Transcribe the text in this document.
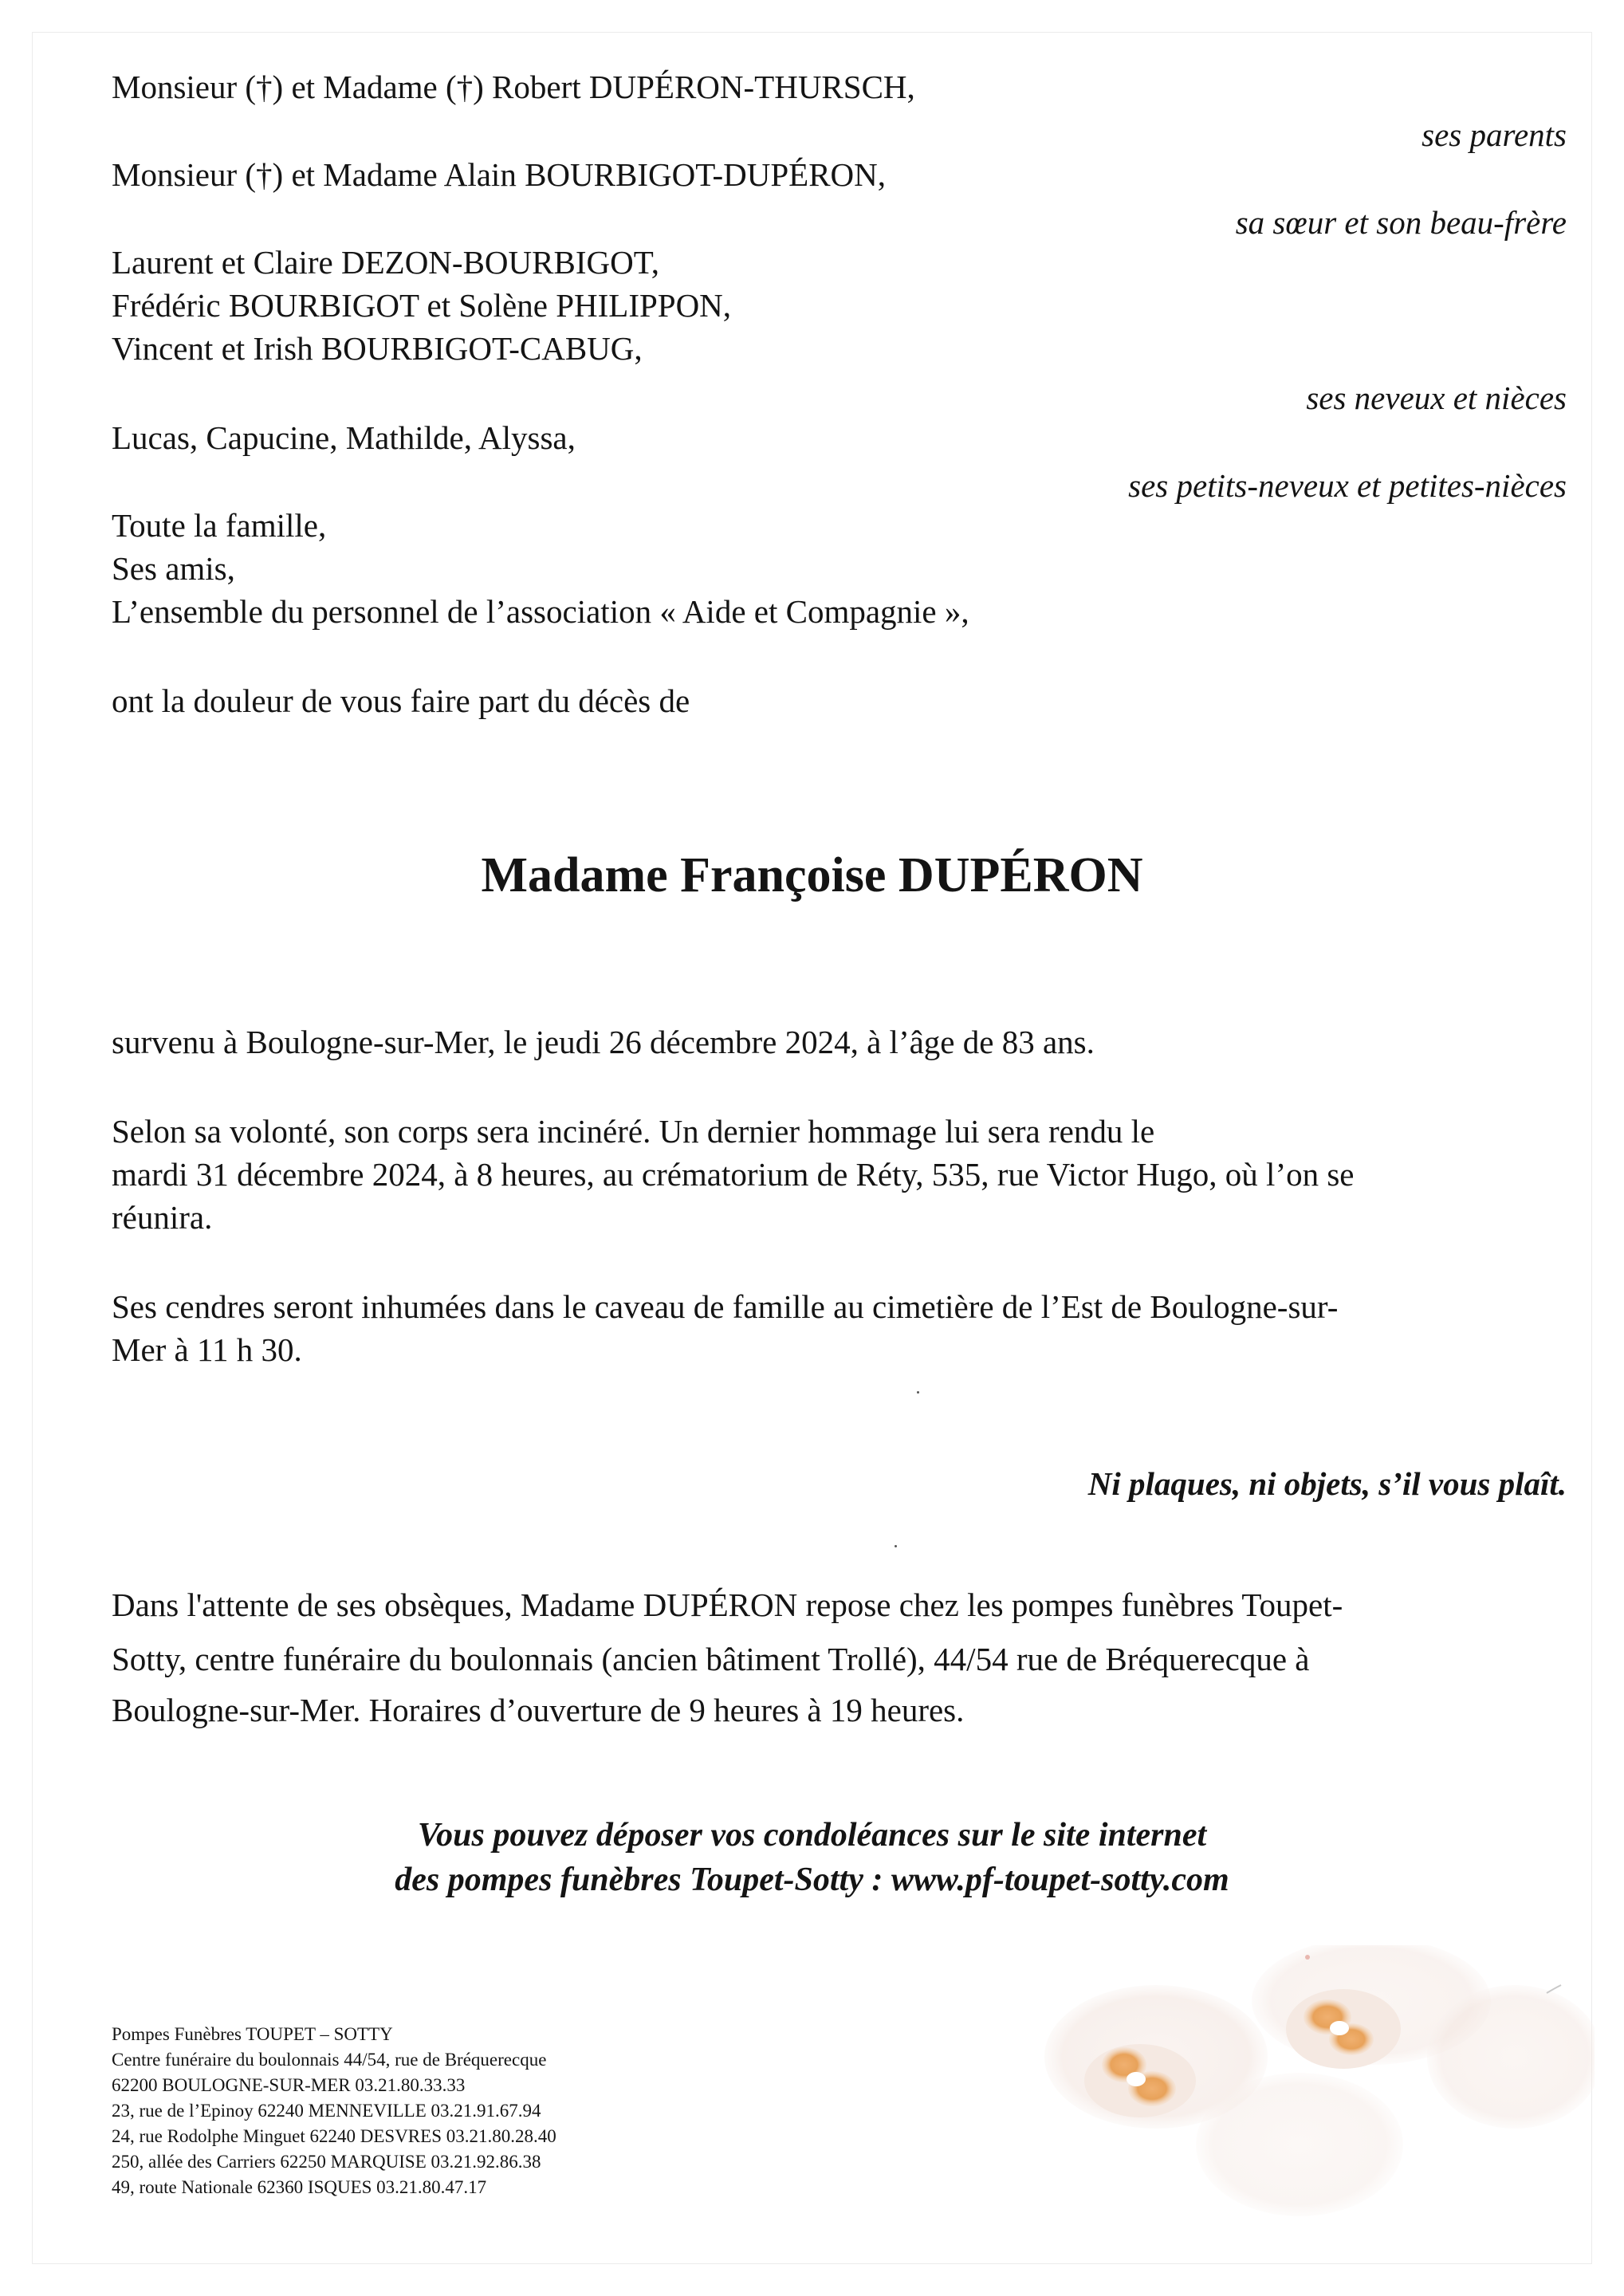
Monsieur (†) et Madame (†) Robert DUPÉRON-THURSCH,
ses parents
Monsieur (†) et Madame Alain BOURBIGOT-DUPÉRON,
sa sœur et son beau-frère
Laurent et Claire DEZON-BOURBIGOT,
Frédéric BOURBIGOT et Solène PHILIPPON,
Vincent et Irish BOURBIGOT-CABUG,
ses neveux et nièces
Lucas, Capucine, Mathilde, Alyssa,
ses petits-neveux et petites-nièces
Toute la famille,
Ses amis,
L’ensemble du personnel de l’association « Aide et Compagnie »,
ont la douleur de vous faire part du décès de
Madame Françoise DUPÉRON
survenu à Boulogne-sur-Mer, le jeudi 26 décembre 2024, à l’âge de 83 ans.
Selon sa volonté, son corps sera incinéré. Un dernier hommage lui sera rendu le
mardi 31 décembre 2024, à 8 heures, au crématorium de Réty, 535, rue Victor Hugo, où l’on se
réunira.
Ses cendres seront inhumées dans le caveau de famille au cimetière de l’Est de Boulogne-sur-
Mer à 11 h 30.
Ni plaques, ni objets, s’il vous plaît.
Dans l'attente de ses obsèques, Madame DUPÉRON repose chez les pompes funèbres Toupet-
Sotty, centre funéraire du boulonnais (ancien bâtiment Trollé), 44/54 rue de Bréquerecque à
Boulogne-sur-Mer. Horaires d’ouverture de 9 heures à 19 heures.
Vous pouvez déposer vos condoléances sur le site internet
des pompes funèbres Toupet-Sotty : www.pf-toupet-sotty.com
Pompes Funèbres TOUPET – SOTTY
Centre funéraire du boulonnais 44/54, rue de Bréquerecque
62200 BOULOGNE-SUR-MER 03.21.80.33.33
23, rue de l’Epinoy 62240 MENNEVILLE 03.21.91.67.94
24, rue Rodolphe Minguet 62240 DESVRES 03.21.80.28.40
250, allée des Carriers 62250 MARQUISE 03.21.92.86.38
49, route Nationale 62360 ISQUES 03.21.80.47.17
